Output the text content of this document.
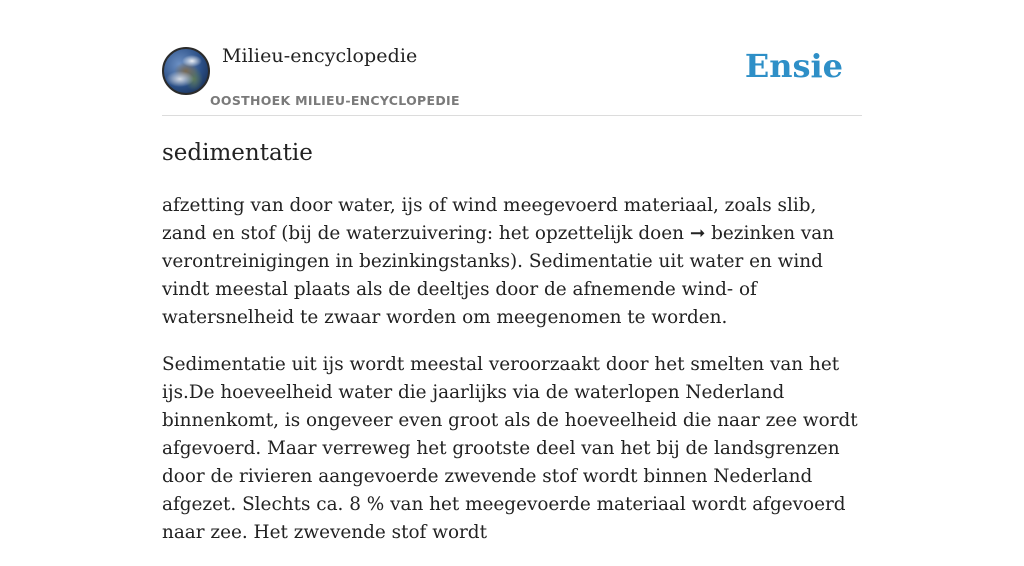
Milieu-encyclopedie
OOSTHOEK MILIEU-ENCYCLOPEDIE
Ensie
sedimentatie

afzetting van door water, ijs of wind meegevoerd materiaal, zoals slib, zand en stof (bij de waterzuivering: het opzettelijk doen ➞ bezinken van verontreinigingen in bezinkingstanks). Sedimentatie uit water en wind vindt meestal plaats als de deeltjes door de afnemende wind- of watersnelheid te zwaar worden om meegenomen te worden.

Sedimentatie uit ijs wordt meestal veroorzaakt door het smelten van het ijs.De hoeveelheid water die jaarlijks via de waterlopen Nederland binnenkomt, is ongeveer even groot als de hoeveelheid die naar zee wordt afgevoerd. Maar verreweg het grootste deel van het bij de landsgrenzen door de rivieren aangevoerde zwevende stof wordt binnen Nederland afgezet. Slechts ca. 8 % van het meegevoerde materiaal wordt afgevoerd naar zee. Het zwevende stof wordt
